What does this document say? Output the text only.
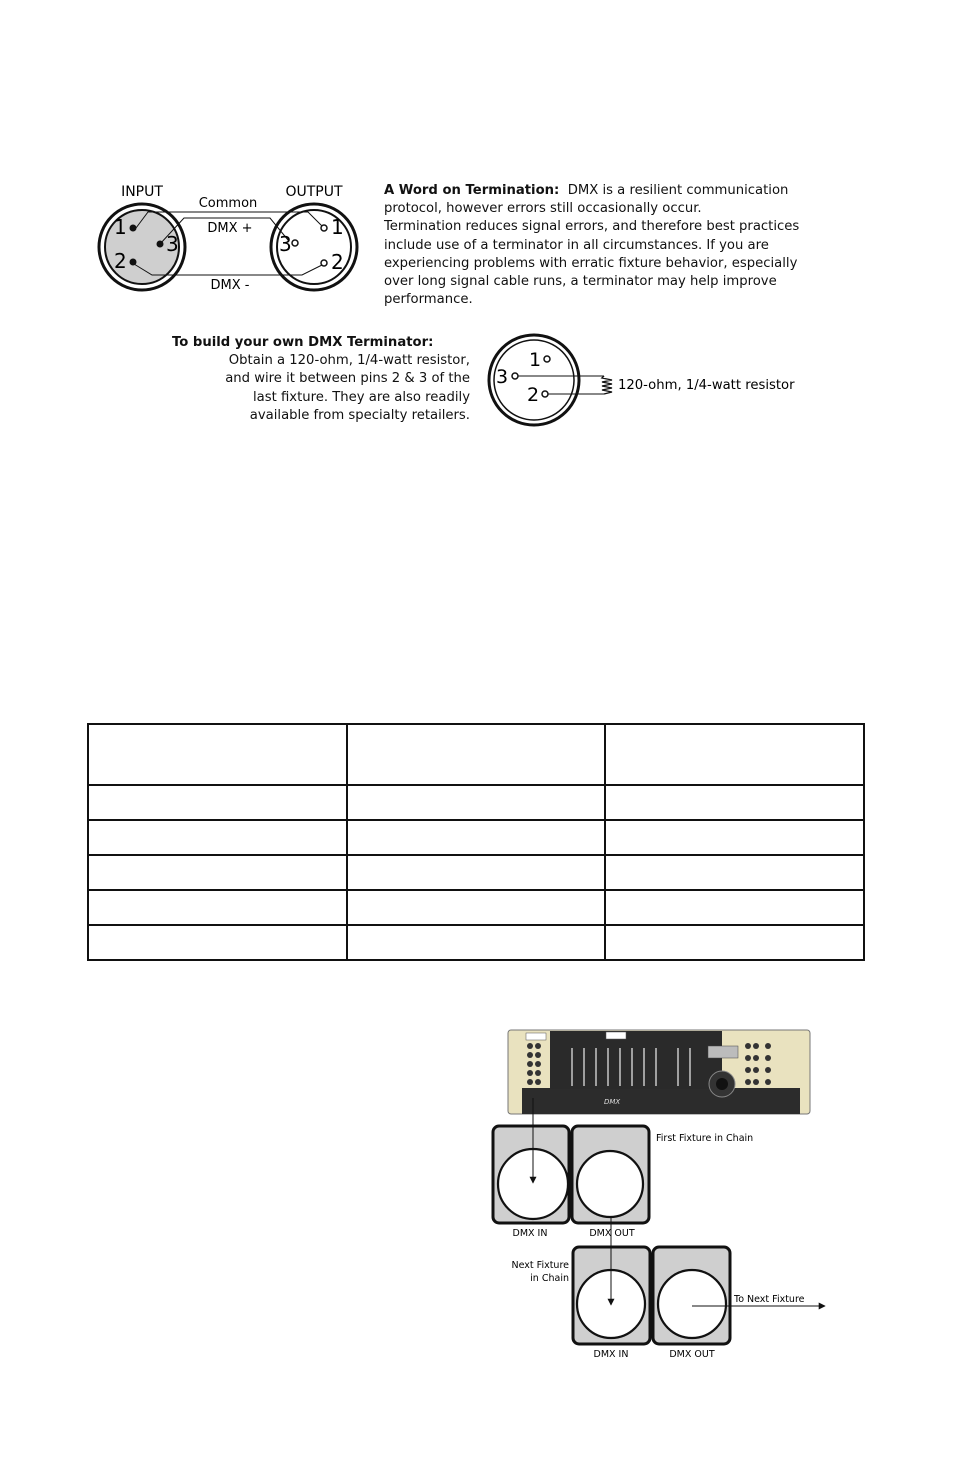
INPUT	OUTPUT
Common
DMX +
DMX -
1
2
3	3
1
2
A Word on Termination: DMX is a resilient communication
protocol, however errors still occasionally occur.
Termination reduces signal errors, and therefore best practices
include use of a terminator in all circumstances. If you are
experiencing problems with erratic fixture behavior, especially
over long signal cable runs, a terminator may help improve
performance.
To build your own DMX Terminator:
Obtain a 120-ohm, 1/4-watt resistor,
and wire it between pins 2 & 3 of the
last fixture. They are also readily
available from specialty retailers.
1
3
2	120-ohm, 1/4-watt resistor

DMX
First Fixture in Chain
DMX IN	DMX OUT
Next Fixture
in Chain
DMX IN	DMX OUT
To Next Fixture
